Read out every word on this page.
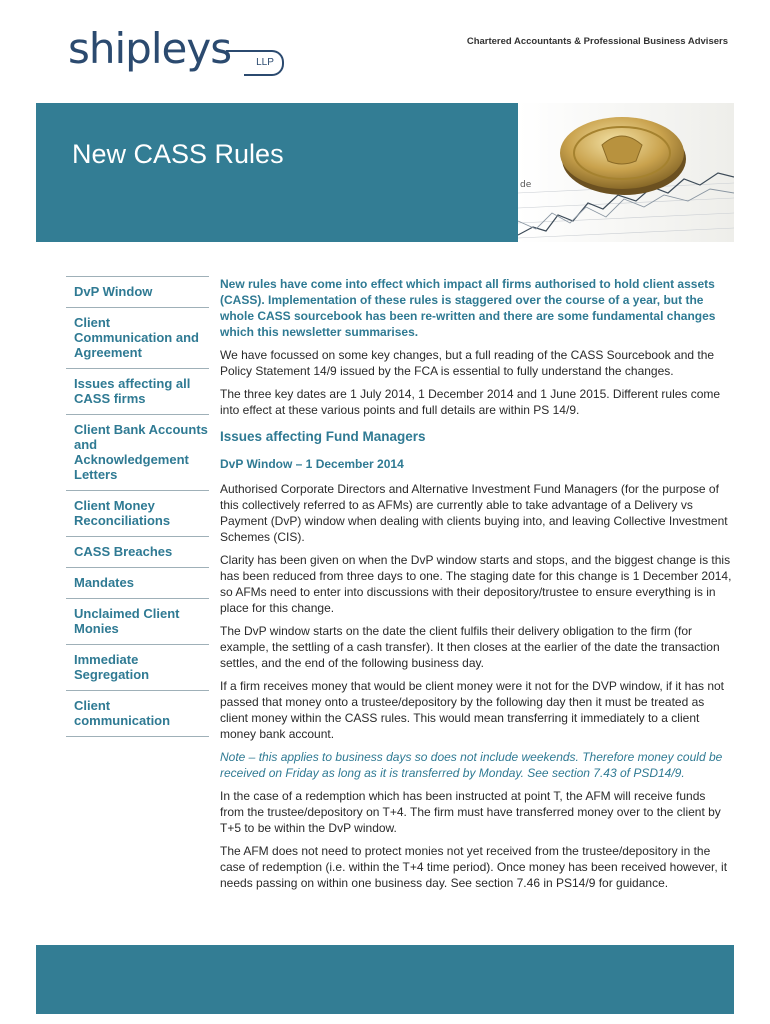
shipleys	LLP
Chartered Accountants & Professional Business Advisers
New CASS Rules
de
DvP Window
Client Communication and Agreement
Issues affecting all CASS firms
Client Bank Accounts and Acknowledgement Letters
Client Money Reconciliations
CASS Breaches
Mandates
Unclaimed Client Monies
Immediate Segregation
Client communication

New rules have come into effect which impact all firms authorised to hold client assets (CASS). Implementation of these rules is staggered over the course of a year, but the whole CASS sourcebook has been re-written and there are some fundamental changes which this newsletter summarises.

We have focussed on some key changes, but a full reading of the CASS Sourcebook and the Policy Statement 14/9 issued by the FCA is essential to fully understand the changes.

The three key dates are 1 July 2014, 1 December 2014 and 1 June 2015. Different rules come into effect at these various points and full details are within PS 14/9.

Issues affecting Fund Managers
DvP Window – 1 December 2014

Authorised Corporate Directors and Alternative Investment Fund Managers (for the purpose of this collectively referred to as AFMs) are currently able to take advantage of a Delivery vs Payment (DvP) window when dealing with clients buying into, and leaving Collective Investment Schemes (CIS).

Clarity has been given on when the DvP window starts and stops, and the biggest change is this has been reduced from three days to one. The staging date for this change is 1 December 2014, so AFMs need to enter into discussions with their depository/trustee to ensure everything is in place for this change.

The DvP window starts on the date the client fulfils their delivery obligation to the firm (for example, the settling of a cash transfer). It then closes at the earlier of the date the transaction settles, and the end of the following business day.

If a firm receives money that would be client money were it not for the DVP window, if it has not passed that money onto a trustee/depository by the following day then it must be treated as client money within the CASS rules. This would mean transferring it immediately to a client money bank account.

Note – this applies to business days so does not include weekends. Therefore money could be received on Friday as long as it is transferred by Monday. See section 7.43 of PSD14/9.

In the case of a redemption which has been instructed at point T, the AFM will receive funds from the trustee/depository on T+4. The firm must have transferred money over to the client by T+5 to be within the DvP window.

The AFM does not need to protect monies not yet received from the trustee/depository in the case of redemption (i.e. within the T+4 time period). Once money has been received however, it needs passing on within one business day. See section 7.46 in PS14/9 for guidance.
